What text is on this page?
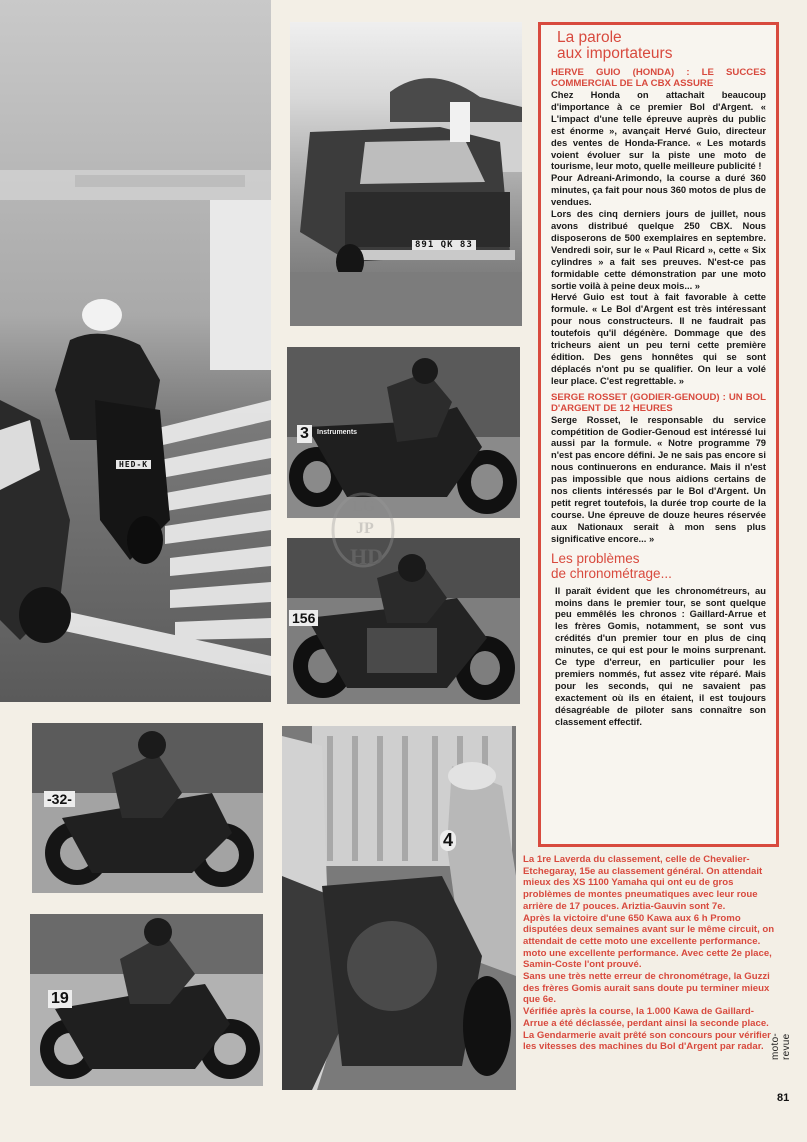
HED-K
891 QK 83
3	Instruments
156
-32-
19
4
LG
JP
HD
La parole
aux importateurs
HERVE GUIO (HONDA) : LE SUCCES COMMERCIAL DE LA CBX ASSURE

Chez Honda on attachait beaucoup d'importance à ce premier Bol d'Argent. « L'impact d'une telle épreuve auprès du public est énorme », avançait Hervé Guio, directeur des ventes de Honda-France. « Les motards voient évoluer sur la piste une moto de tourisme, leur moto, quelle meilleure publicité !

Pour Adreani-Arimondo, la course a duré 360 minutes, ça fait pour nous 360 motos de plus de vendues.

Lors des cinq derniers jours de juillet, nous avons distribué quelque 250 CBX. Nous disposerons de 500 exemplaires en septembre. Vendredi soir, sur le « Paul Ricard », cette « Six cylindres » a fait ses preuves. N'est-ce pas formidable cette démonstration par une moto sortie voilà à peine deux mois... »

Hervé Guio est tout à fait favorable à cette formule. « Le Bol d'Argent est très intéressant pour nous constructeurs. Il ne faudrait pas toutefois qu'il dégénère. Dommage que des tricheurs aient un peu terni cette première édition. Des gens honnêtes qui se sont déplacés n'ont pu se qualifier. On leur a volé leur place. C'est regrettable. »

SERGE ROSSET (GODIER-GENOUD) : UN BOL D'ARGENT DE 12 HEURES

Serge Rosset, le responsable du service compétition de Godier-Genoud est intéressé lui aussi par la formule. « Notre programme 79 n'est pas encore défini. Je ne sais pas encore si nous continuerons en endurance. Mais il n'est pas impossible que nous aidions certains de nos clients intéressés par le Bol d'Argent. Un petit regret toutefois, la durée trop courte de la course. Une épreuve de douze heures réservée aux Nationaux serait à mon sens plus significative encore... »

Les problèmes
de chronométrage...

Il paraît évident que les chronométreurs, au moins dans le premier tour, se sont quelque peu emmêlés les chronos : Gaillard-Arrue et les frères Gomis, notamment, se sont vus crédités d'un premier tour en plus de cinq minutes, ce qui est pour le moins surprenant. Ce type d'erreur, en particulier pour les premiers nommés, fut assez vite réparé. Mais pour les seconds, qui ne savaient pas exactement où ils en étaient, il est toujours désagréable de piloter sans connaître son classement effectif.

La 1re Laverda du classement, celle de Chevalier-Etchegaray, 15e au classement général. On attendait mieux des XS 1100 Yamaha qui ont eu de gros problèmes de montes pneumatiques avec leur roue arrière de 17 pouces. Ariztia-Gauvin sont 7e.

Après la victoire d'une 650 Kawa aux 6 h Promo disputées deux semaines avant sur le même circuit, on attendait de cette moto une excellente performance.

moto une excellente performance. Avec cette 2e place, Samin-Coste l'ont prouvé.

Sans une très nette erreur de chronométrage, la Guzzi des frères Gomis aurait sans doute pu terminer mieux que 6e.

Vérifiée après la course, la 1.000 Kawa de Gaillard-Arrue a été déclassée, perdant ainsi la seconde place.

La Gendarmerie avait prêté son concours pour vérifier les vitesses des machines du Bol d'Argent par radar. moto-revue
81
